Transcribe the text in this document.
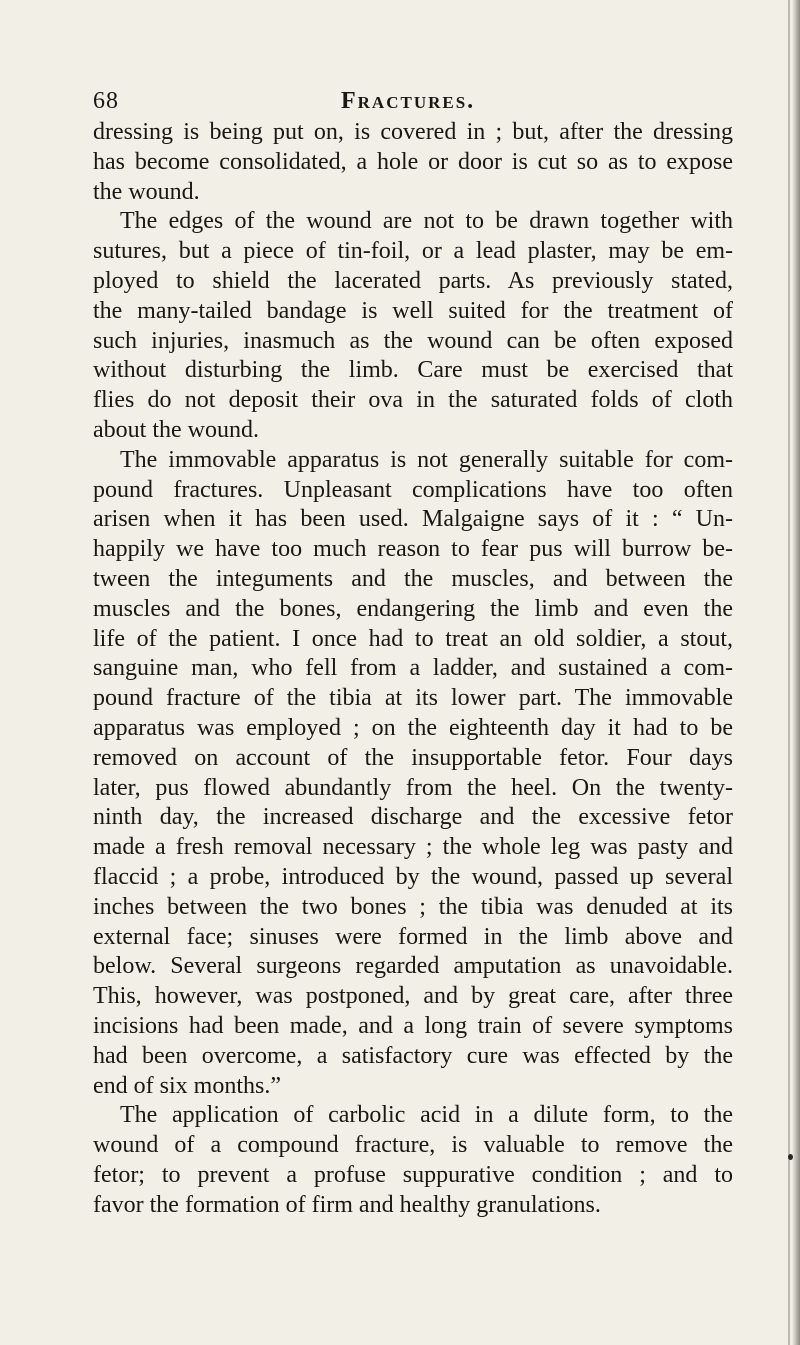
68	Fractures.
dressing is being put on, is covered in ; but, after the dressing
has become consolidated, a hole or door is cut so as to expose
the wound.
The edges of the wound are not to be drawn together with
sutures, but a piece of tin-foil, or a lead plaster, may be em-
ployed to shield the lacerated parts. As previously stated,
the many-tailed bandage is well suited for the treatment of
such injuries, inasmuch as the wound can be often exposed
without disturbing the limb. Care must be exercised that
flies do not deposit their ova in the saturated folds of cloth
about the wound.
The immovable apparatus is not generally suitable for com-
pound fractures. Unpleasant complications have too often
arisen when it has been used. Malgaigne says of it : “ Un-
happily we have too much reason to fear pus will burrow be-
tween the integuments and the muscles, and between the
muscles and the bones, endangering the limb and even the
life of the patient. I once had to treat an old soldier, a stout,
sanguine man, who fell from a ladder, and sustained a com-
pound fracture of the tibia at its lower part. The immovable
apparatus was employed ; on the eighteenth day it had to be
removed on account of the insupportable fetor. Four days
later, pus flowed abundantly from the heel. On the twenty-
ninth day, the increased discharge and the excessive fetor
made a fresh removal necessary ; the whole leg was pasty and
flaccid ; a probe, introduced by the wound, passed up several
inches between the two bones ; the tibia was denuded at its
external face; sinuses were formed in the limb above and
below. Several surgeons regarded amputation as unavoidable.
This, however, was postponed, and by great care, after three
incisions had been made, and a long train of severe symptoms
had been overcome, a satisfactory cure was effected by the
end of six months.”
The application of carbolic acid in a dilute form, to the
wound of a compound fracture, is valuable to remove the
fetor; to prevent a profuse suppurative condition ; and to
favor the formation of firm and healthy granulations.
